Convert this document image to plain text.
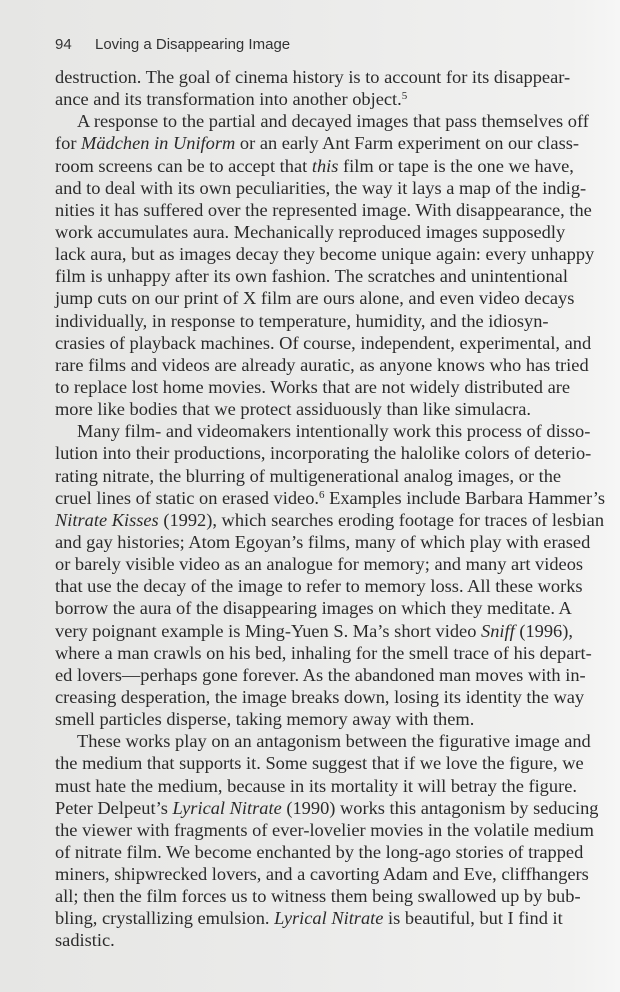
94 Loving a Disappearing Image
destruction. The goal of cinema history is to account for its disappear-
ance and its transformation into another object.$^5$
A response to the partial and decayed images that pass themselves off
for Mädchen in Uniform or an early Ant Farm experiment on our class-
room screens can be to accept that this film or tape is the one we have,
and to deal with its own peculiarities, the way it lays a map of the indig-
nities it has suffered over the represented image. With disappearance, the
work accumulates aura. Mechanically reproduced images supposedly
lack aura, but as images decay they become unique again: every unhappy
film is unhappy after its own fashion. The scratches and unintentional
jump cuts on our print of X film are ours alone, and even video decays
individually, in response to temperature, humidity, and the idiosyn-
crasies of playback machines. Of course, independent, experimental, and
rare films and videos are already auratic, as anyone knows who has tried
to replace lost home movies. Works that are not widely distributed are
more like bodies that we protect assiduously than like simulacra.
Many film- and videomakers intentionally work this process of disso-
lution into their productions, incorporating the halolike colors of deterio-
rating nitrate, the blurring of multigenerational analog images, or the
cruel lines of static on erased video.$^6$ Examples include Barbara Hammer’s
Nitrate Kisses (1992), which searches eroding footage for traces of lesbian
and gay histories; Atom Egoyan’s films, many of which play with erased
or barely visible video as an analogue for memory; and many art videos
that use the decay of the image to refer to memory loss. All these works
borrow the aura of the disappearing images on which they meditate. A
very poignant example is Ming-Yuen S. Ma’s short video Sniff (1996),
where a man crawls on his bed, inhaling for the smell trace of his depart-
ed lovers—perhaps gone forever. As the abandoned man moves with in-
creasing desperation, the image breaks down, losing its identity the way
smell particles disperse, taking memory away with them.
These works play on an antagonism between the figurative image and
the medium that supports it. Some suggest that if we love the figure, we
must hate the medium, because in its mortality it will betray the figure.
Peter Delpeut’s Lyrical Nitrate (1990) works this antagonism by seducing
the viewer with fragments of ever-lovelier movies in the volatile medium
of nitrate film. We become enchanted by the long-ago stories of trapped
miners, shipwrecked lovers, and a cavorting Adam and Eve, cliffhangers
all; then the film forces us to witness them being swallowed up by bub-
bling, crystallizing emulsion. Lyrical Nitrate is beautiful, but I find it
sadistic.
